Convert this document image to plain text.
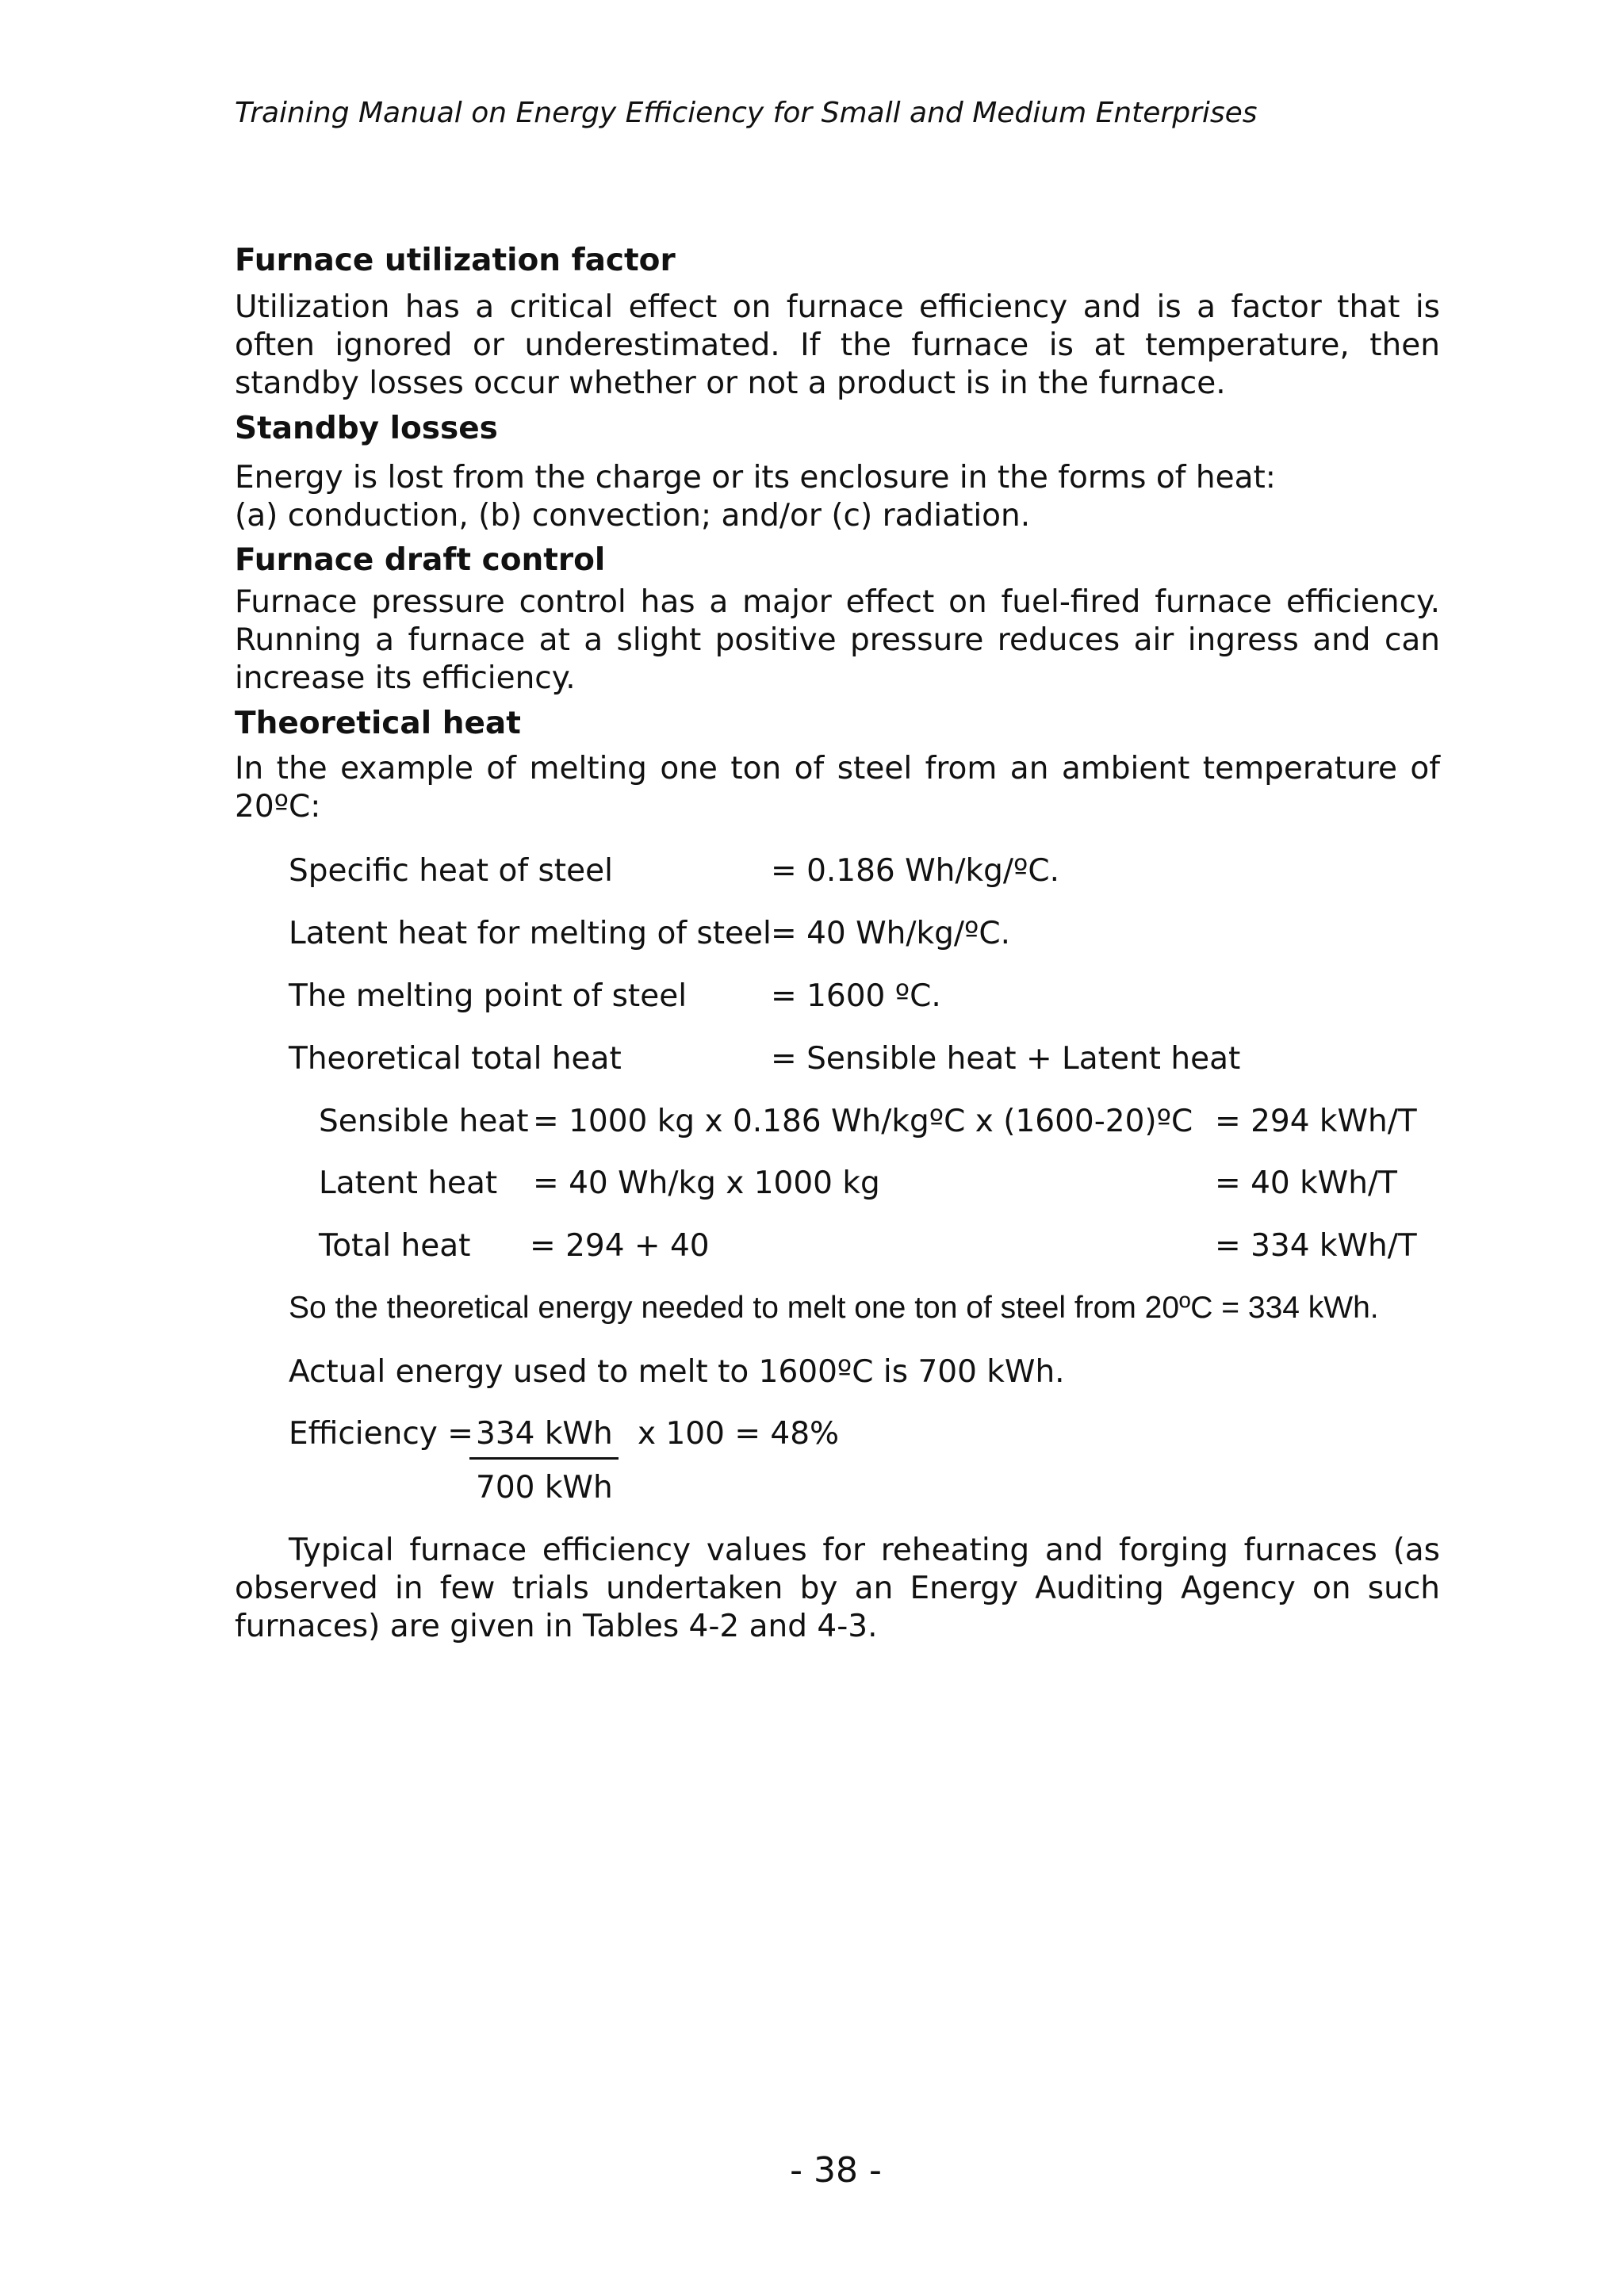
Training Manual on Energy Efficiency for Small and Medium Enterprises
Furnace utilization factor
Utilization has a critical effect on furnace efficiency and is a factor that is often ignored or underestimated. If the furnace is at temperature, then standby losses occur whether or not a product is in the furnace.
Standby losses
Energy is lost from the charge or its enclosure in the forms of heat:
(a) conduction, (b) convection; and/or (c) radiation.
Furnace draft control
Furnace pressure control has a major effect on fuel-fired furnace efficiency. Running a furnace at a slight positive pressure reduces air ingress and can increase its efficiency.
Theoretical heat
In the example of melting one ton of steel from an ambient temperature of 20ºC:
Specific heat of steel	= 0.186 Wh/kg/ºC.
Latent heat for melting of steel = 40 Wh/kg/ºC.
The melting point of steel	= 1600 ºC.
Theoretical total heat	= Sensible heat + Latent heat
Sensible heat = 1000 kg x 0.186 Wh/kgºC x (1600-20)ºC = 294 kWh/T
Latent heat = 40 Wh/kg x 1000 kg	= 40 kWh/T
Total heat = 294 + 40	= 334 kWh/T
So the theoretical energy needed to melt one ton of steel from 20ºC = 334 kWh.
Actual energy used to melt to 1600ºC is 700 kWh.
Efficiency = 334 kWh x 100 = 48%
700 kWh
Typical furnace efficiency values for reheating and forging furnaces (as observed in few trials undertaken by an Energy Auditing Agency on such furnaces) are given in Tables 4-2 and 4-3.
- 38 -
